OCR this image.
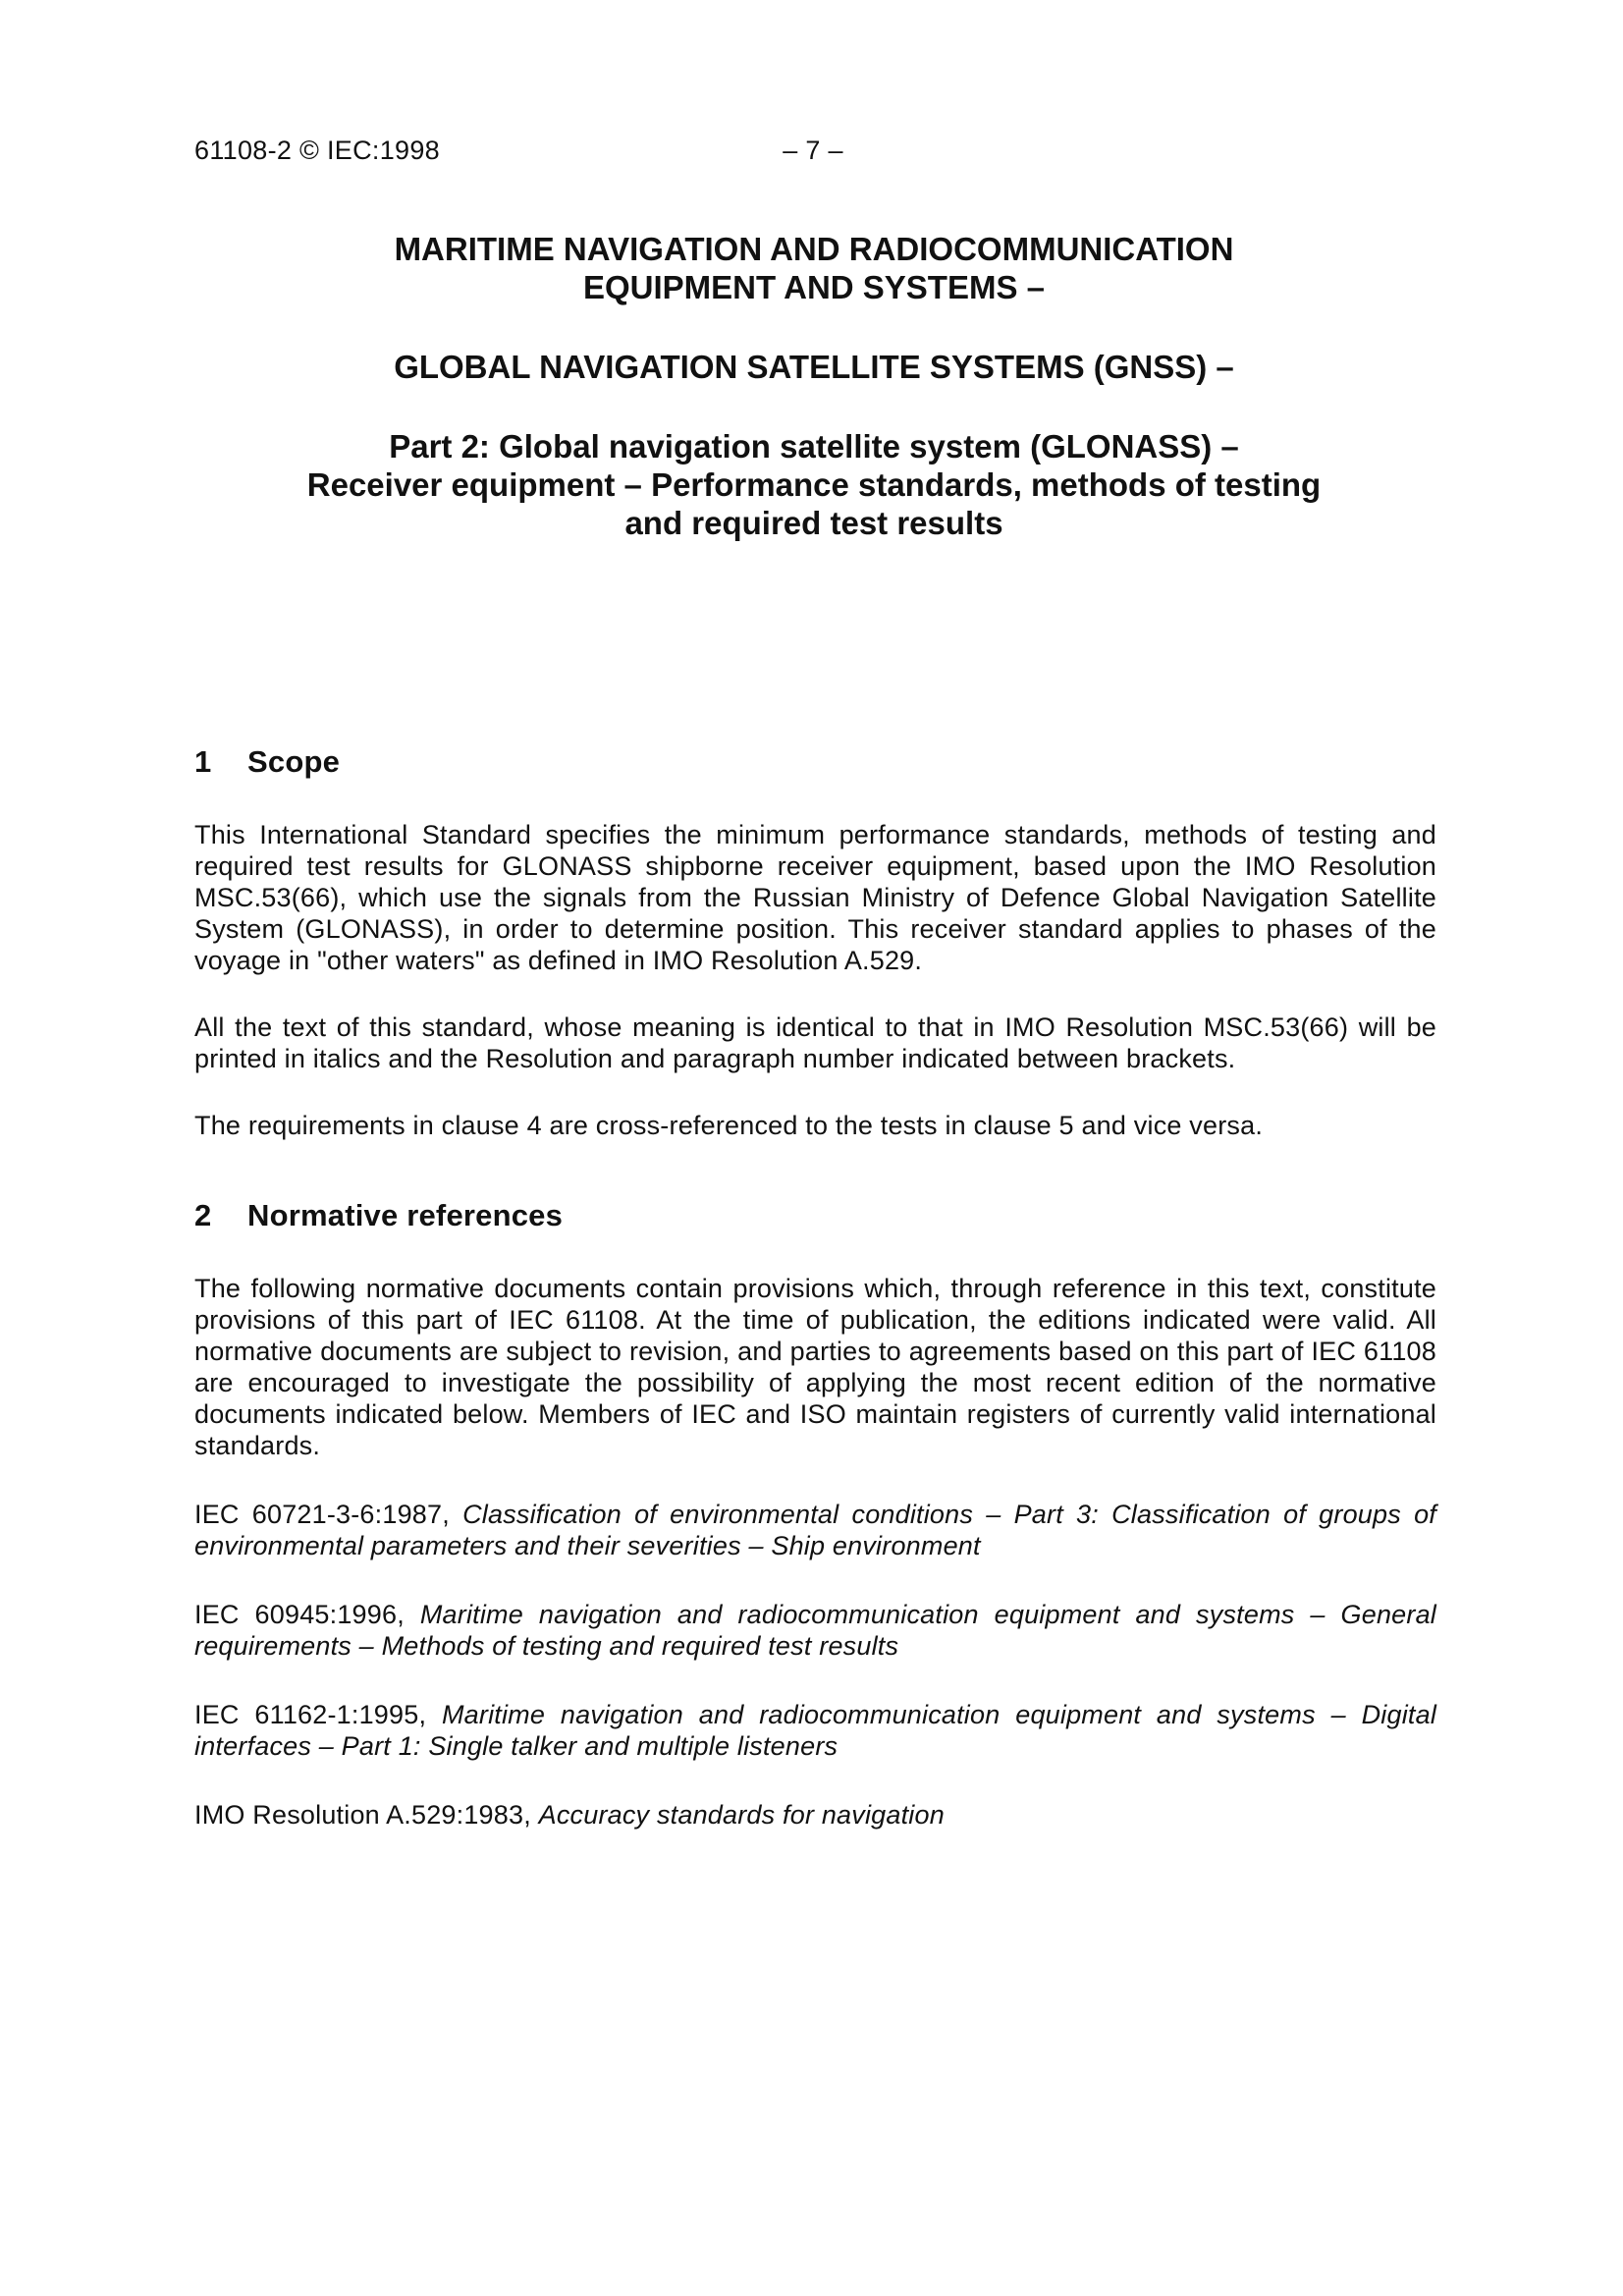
61108-2 © IEC:1998	– 7 –

MARITIME NAVIGATION AND RADIOCOMMUNICATION

EQUIPMENT AND SYSTEMS –

GLOBAL NAVIGATION SATELLITE SYSTEMS (GNSS) –

Part 2: Global navigation satellite system (GLONASS) –

Receiver equipment – Performance standards, methods of testing

and required test results

1 Scope

This International Standard specifies the minimum performance standards, methods of testing and required test results for GLONASS shipborne receiver equipment, based upon the IMO Resolution MSC.53(66), which use the signals from the Russian Ministry of Defence Global Navigation Satellite System (GLONASS), in order to determine position. This receiver standard applies to phases of the voyage in "other waters" as defined in IMO Resolution A.529.

All the text of this standard, whose meaning is identical to that in IMO Resolution MSC.53(66) will be printed in italics and the Resolution and paragraph number indicated between brackets.

The requirements in clause 4 are cross-referenced to the tests in clause 5 and vice versa.

2 Normative references

The following normative documents contain provisions which, through reference in this text, constitute provisions of this part of IEC 61108. At the time of publication, the editions indicated were valid. All normative documents are subject to revision, and parties to agreements based on this part of IEC 61108 are encouraged to investigate the possibility of applying the most recent edition of the normative documents indicated below. Members of IEC and ISO maintain registers of currently valid international standards.

IEC 60721-3-6:1987, Classification of environmental conditions – Part 3: Classification of groups of environmental parameters and their severities – Ship environment

IEC 60945:1996, Maritime navigation and radiocommunication equipment and systems – General requirements – Methods of testing and required test results

IEC 61162-1:1995, Maritime navigation and radiocommunication equipment and systems – Digital interfaces – Part 1: Single talker and multiple listeners

IMO Resolution A.529:1983, Accuracy standards for navigation
